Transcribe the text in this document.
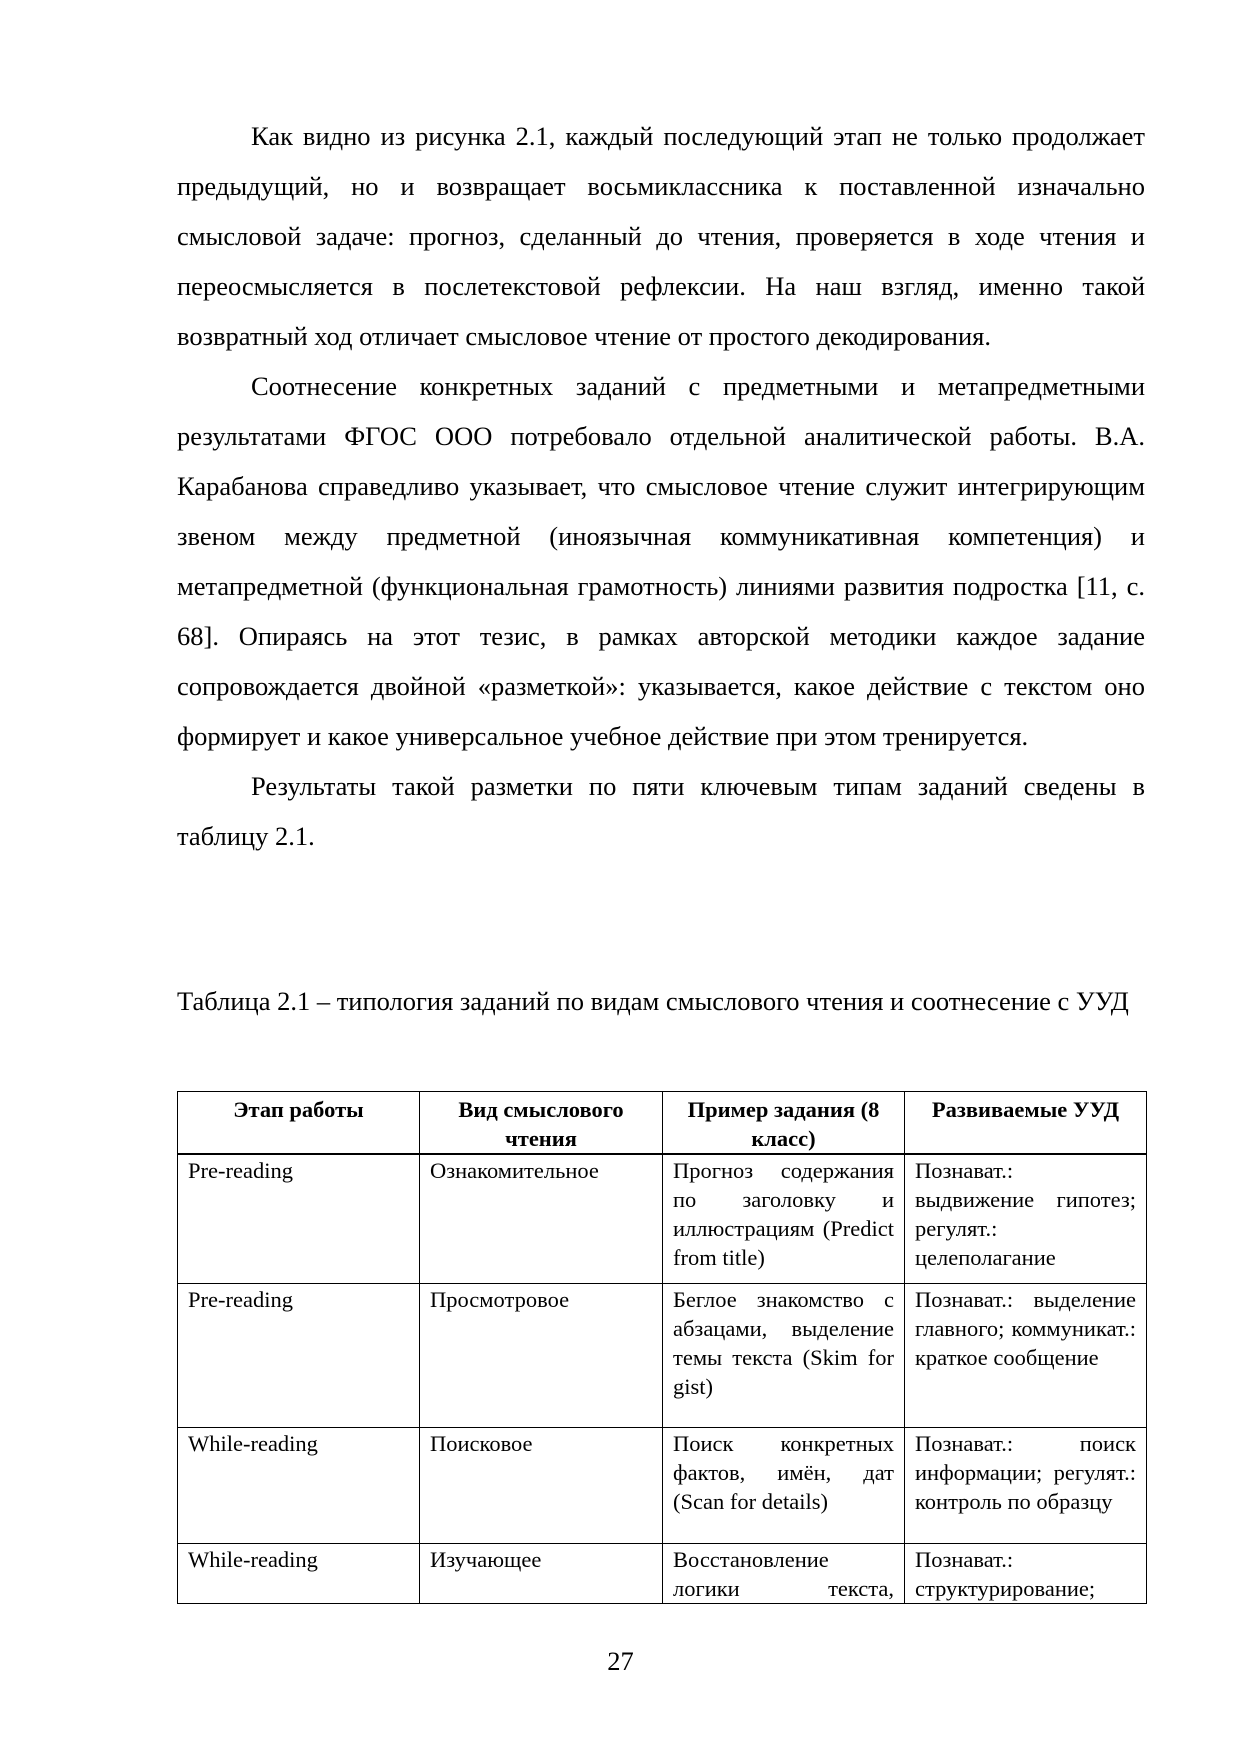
Как видно из рисунка 2.1, каждый последующий этап не только продолжает предыдущий, но и возвращает восьмиклассника к поставленной изначально смысловой задаче: прогноз, сделанный до чтения, проверяется в ходе чтения и переосмысляется в послетекстовой рефлексии. На наш взгляд, именно такой возвратный ход отличает смысловое чтение от простого декодирования.

Соотнесение конкретных заданий с предметными и метапредметными результатами ФГОС ООО потребовало отдельной аналитической работы. В.А. Карабанова справедливо указывает, что смысловое чтение служит интегрирующим звеном между предметной (иноязычная коммуникативная компетенция) и метапредметной (функциональная грамотность) линиями развития подростка [11, с. 68]. Опираясь на этот тезис, в рамках авторской методики каждое задание сопровождается двойной «разметкой»: указывается, какое действие с текстом оно формирует и какое универсальное учебное действие при этом тренируется.

Результаты такой разметки по пяти ключевым типам заданий сведены в таблицу 2.1.

Таблица 2.1 – типология заданий по видам смыслового чтения и соотнесение с УУД
Этап работы	Вид смыслового чтения	Пример задания (8 класс)	Развиваемые УУД
Pre-reading	Ознакомительное	Прогноз содержания по заголовку и иллюстрациям (Predict from title)	Познават.: выдвижение гипотез; регулят.: целеполагание
Pre-reading	Просмотровое	Беглое знакомство с абзацами, выделение темы текста (Skim for gist)	Познават.: выделение главного; коммуникат.: краткое сообщение
While-reading	Поисковое	Поиск конкретных фактов, имён, дат (Scan for details)	Познават.: поиск информации; регулят.: контроль по образцу
While-reading	Изучающее	Восстановление логики текста,	Познават.: структурирование;
27
